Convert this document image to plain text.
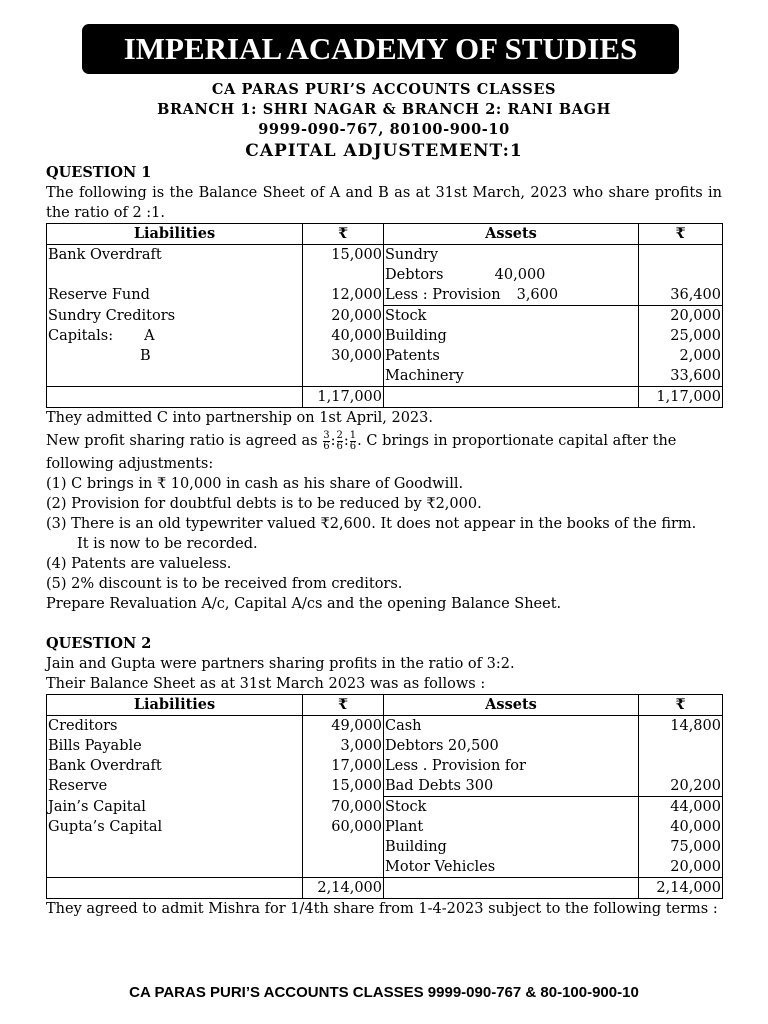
IMPERIAL ACADEMY OF STUDIES
CA PARAS PURI’S ACCOUNTS CLASSES
BRANCH 1: SHRI NAGAR & BRANCH 2: RANI BAGH
9999-090-767, 80100-900-10
CAPITAL ADJUSTEMENT:1
QUESTION 1
The following is the Balance Sheet of A and B as at 31st March, 2023 who share profits in the ratio of 2 :1.
Liabilities	₹	Assets	₹
Bank Overdraft	15,000	Sundry	
		Debtors 40,000	
Reserve Fund	12,000	Less : Provision 3,600	36,400
Sundry Creditors	20,000	Stock	20,000
Capitals: A	40,000	Building	25,000
B	30,000	Patents	2,000
		Machinery	33,600
	1,17,000		1,17,000
They admitted C into partnership on 1st April, 2023.
New profit sharing ratio is agreed as $\frac{3}{6}$ : $\frac{2}{6}$ : $\frac{1}{6}$ . C brings in proportionate capital after the
following adjustments:
(1) C brings in ₹ 10,000 in cash as his share of Goodwill.
(2) Provision for doubtful debts is to be reduced by ₹2,000.
(3) There is an old typewriter valued ₹2,600. It does not appear in the books of the firm.
It is now to be recorded.
(4) Patents are valueless.
(5) 2% discount is to be received from creditors.
Prepare Revaluation A/c, Capital A/cs and the opening Balance Sheet.
QUESTION 2
Jain and Gupta were partners sharing profits in the ratio of 3:2.
Their Balance Sheet as at 31st March 2023 was as follows :
Liabilities	₹	Assets	₹
Creditors	49,000	Cash	14,800
Bills Payable	3,000	Debtors 20,500	
Bank Overdraft	17,000	Less . Provision for	
Reserve	15,000	Bad Debts 300	20,200
Jain’s Capital	70,000	Stock	44,000
Gupta’s Capital	60,000	Plant	40,000
		Building	75,000
		Motor Vehicles	20,000
	2,14,000		2,14,000
They agreed to admit Mishra for 1/4th share from 1-4-2023 subject to the following terms :
CA PARAS PURI’S ACCOUNTS CLASSES 9999-090-767 & 80-100-900-10
